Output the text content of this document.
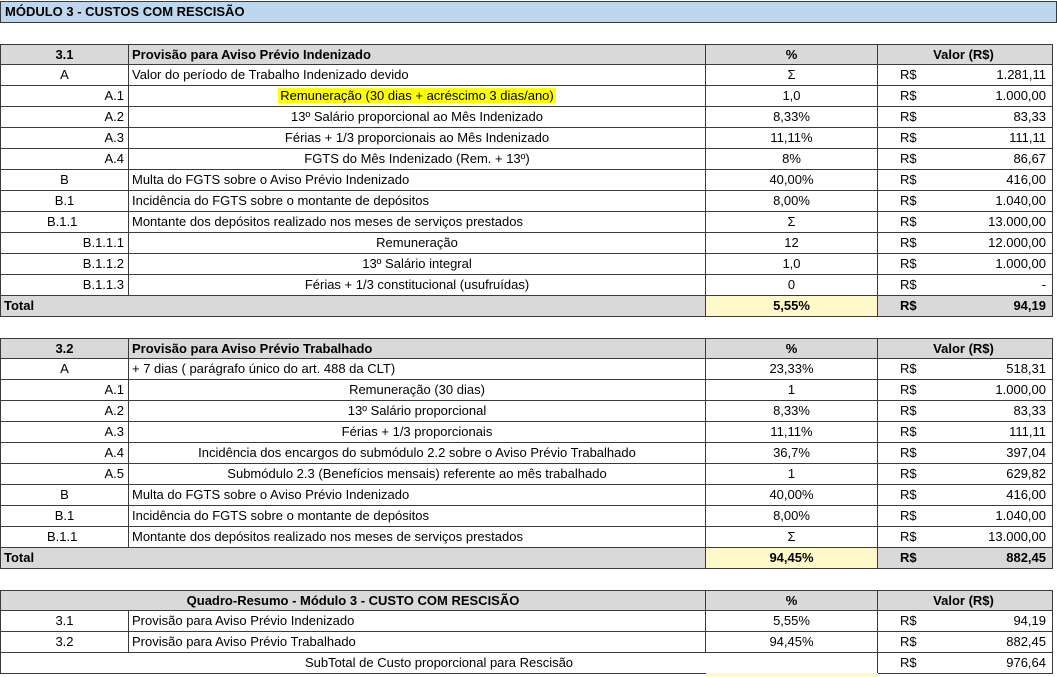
MÓDULO 3 - CUSTOS COM RESCISÃO
3.1	Provisão para Aviso Prévio Indenizado	%	Valor (R$)
A	Valor do período de Trabalho Indenizado devido	Σ	R$	1.281,11
A.1	Remuneração (30 dias + acréscimo 3 dias/ano)	1,0	R$	1.000,00
A.2	13º Salário proporcional ao Mês Indenizado	8,33%	R$	83,33
A.3	Férias + 1/3 proporcionais ao Mês Indenizado	11,11%	R$	111,11
A.4	FGTS do Mês Indenizado (Rem. + 13º)	8%	R$	86,67
B	Multa do FGTS sobre o Aviso Prévio Indenizado	40,00%	R$	416,00
B.1	Incidência do FGTS sobre o montante de depósitos	8,00%	R$	1.040,00
B.1.1	Montante dos depósitos realizado nos meses de serviços prestados	Σ	R$	13.000,00
B.1.1.1	Remuneração	12	R$	12.000,00
B.1.1.2	13º Salário integral	1,0	R$	1.000,00
B.1.1.3	Férias + 1/3 constitucional (usufruídas)	0	R$	-
Total	5,55%	R$	94,19
3.2	Provisão para Aviso Prévio Trabalhado	%	Valor (R$)
A	+ 7 dias ( parágrafo único do art. 488 da CLT)	23,33%	R$	518,31
A.1	Remuneração (30 dias)	1	R$	1.000,00
A.2	13º Salário proporcional	8,33%	R$	83,33
A.3	Férias + 1/3 proporcionais	11,11%	R$	111,11
A.4	Incidência dos encargos do submódulo 2.2 sobre o Aviso Prévio Trabalhado	36,7%	R$	397,04
A.5	Submódulo 2.3 (Benefícios mensais) referente ao mês trabalhado	1	R$	629,82
B	Multa do FGTS sobre o Aviso Prévio Indenizado	40,00%	R$	416,00
B.1	Incidência do FGTS sobre o montante de depósitos	8,00%	R$	1.040,00
B.1.1	Montante dos depósitos realizado nos meses de serviços prestados	Σ	R$	13.000,00
Total	94,45%	R$	882,45
Quadro-Resumo - Módulo 3 - CUSTO COM RESCISÃO	%	Valor (R$)
3.1	Provisão para Aviso Prévio Indenizado	5,55%	R$	94,19
3.2	Provisão para Aviso Prévio Trabalhado	94,45%	R$	882,45
SubTotal de Custo proporcional para Rescisão	R$	976,64
